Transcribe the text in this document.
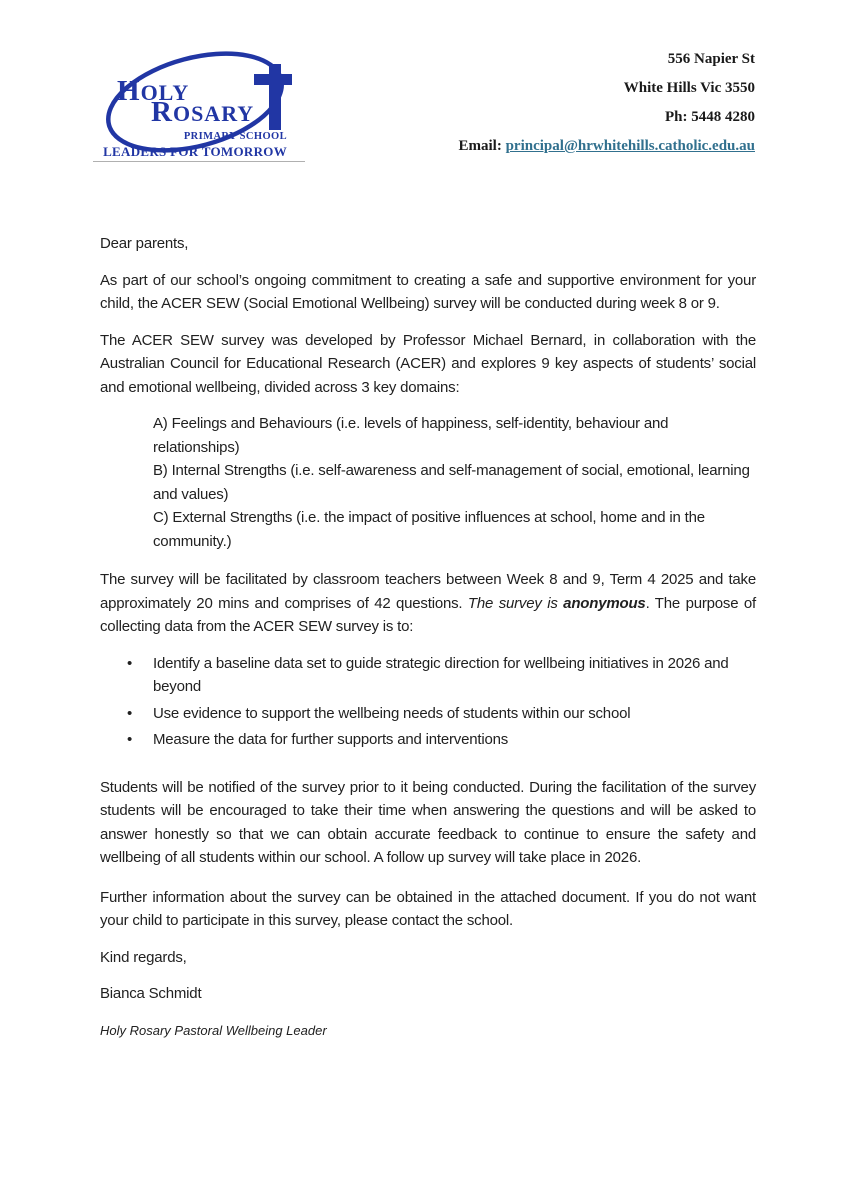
HOLY
ROSARY
PRIMARY SCHOOL
LEADERS FOR TOMORROW
556 Napier St
White Hills Vic 3550
Ph: 5448 4280
Email: principal@hrwhitehills.catholic.edu.au

Dear parents,

As part of our school’s ongoing commitment to creating a safe and supportive environment for your child, the ACER SEW (Social Emotional Wellbeing) survey will be conducted during week 8 or 9.

The ACER SEW survey was developed by Professor Michael Bernard, in collaboration with the Australian Council for Educational Research (ACER) and explores 9 key aspects of students’ social and emotional wellbeing, divided across 3 key domains:

A) Feelings and Behaviours (i.e. levels of happiness, self-identity, behaviour and relationships)

B) Internal Strengths (i.e. self-awareness and self-management of social, emotional, learning and values)

C) External Strengths (i.e. the impact of positive influences at school, home and in the community.)

The survey will be facilitated by classroom teachers between Week 8 and 9, Term 4 2025 and take approximately 20 mins and comprises of 42 questions. The survey is anonymous. The purpose of collecting data from the ACER SEW survey is to:

• Identify a baseline data set to guide strategic direction for wellbeing initiatives in 2026 and beyond
• Use evidence to support the wellbeing needs of students within our school
• Measure the data for further supports and interventions

Students will be notified of the survey prior to it being conducted. During the facilitation of the survey students will be encouraged to take their time when answering the questions and will be asked to answer honestly so that we can obtain accurate feedback to continue to ensure the safety and wellbeing of all students within our school. A follow up survey will take place in 2026.

Further information about the survey can be obtained in the attached document. If you do not want your child to participate in this survey, please contact the school.

Kind regards,

Bianca Schmidt

Holy Rosary Pastoral Wellbeing Leader
